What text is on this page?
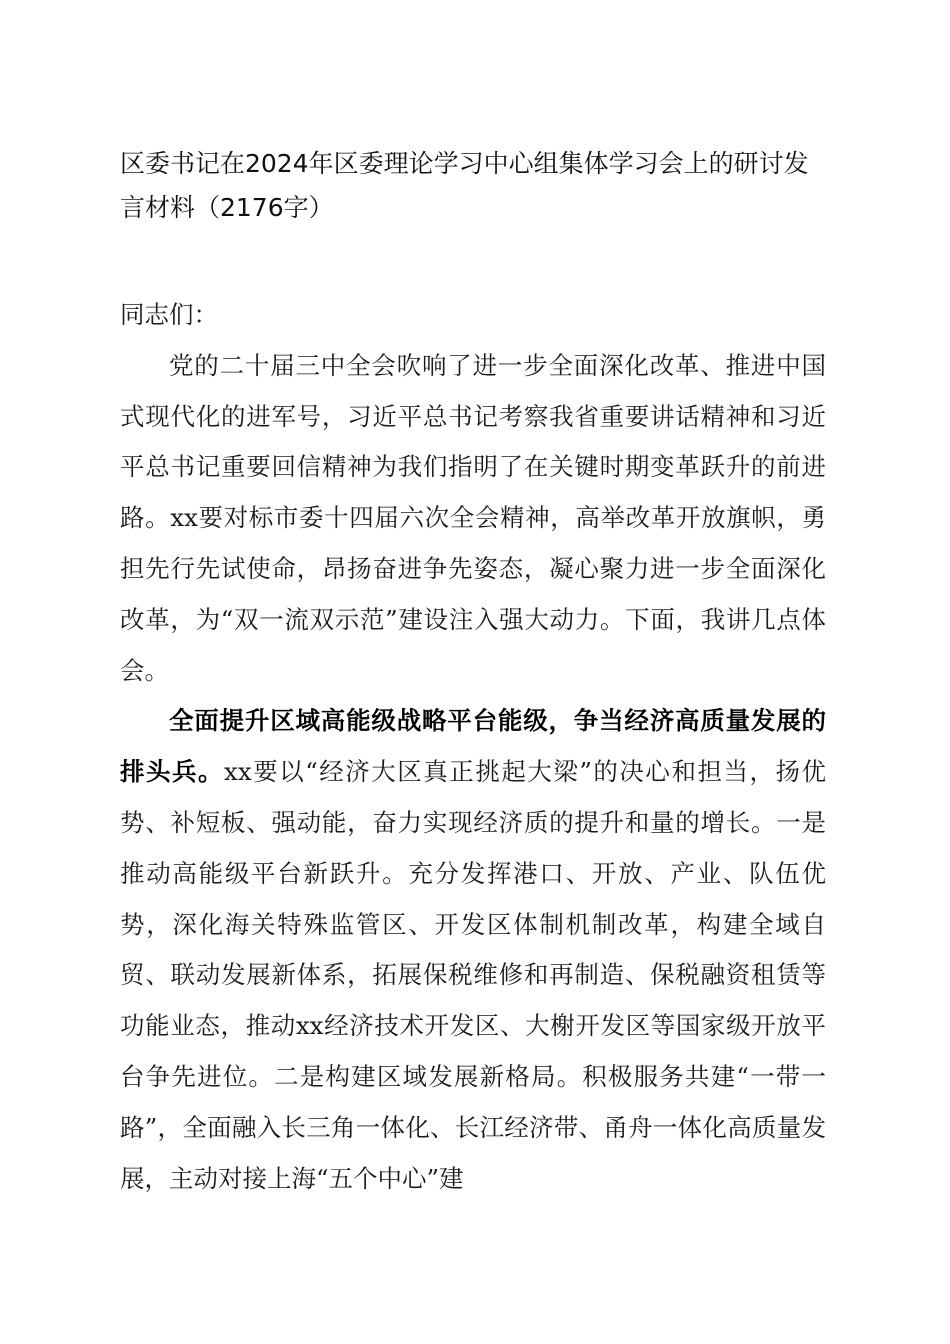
区委书记在2024年区委理论学习中心组集体学习会上的研讨发言材料（2176字）

同志们：

党的二十届三中全会吹响了进一步全面深化改革、推进中国式现代化的进军号，习近平总书记考察我省重要讲话精神和习近平总书记重要回信精神为我们指明了在关键时期变革跃升的前进路。xx要对标市委十四届六次全会精神，高举改革开放旗帜，勇担先行先试使命，昂扬奋进争先姿态，凝心聚力进一步全面深化改革，为“双一流双示范”建设注入强大动力。下面，我讲几点体会。

全面提升区域高能级战略平台能级，争当经济高质量发展的排头兵。xx要以“经济大区真正挑起大梁”的决心和担当，扬优势、补短板、强动能，奋力实现经济质的提升和量的增长。一是推动高能级平台新跃升。充分发挥港口、开放、产业、队伍优势，深化海关特殊监管区、开发区体制机制改革，构建全域自贸、联动发展新体系，拓展保税维修和再制造、保税融资租赁等功能业态，推动xx经济技术开发区、大榭开发区等国家级开放平台争先进位。二是构建区域发展新格局。积极服务共建“一带一路”，全面融入长三角一体化、长江经济带、甬舟一体化高质量发展，主动对接上海“五个中心”建
